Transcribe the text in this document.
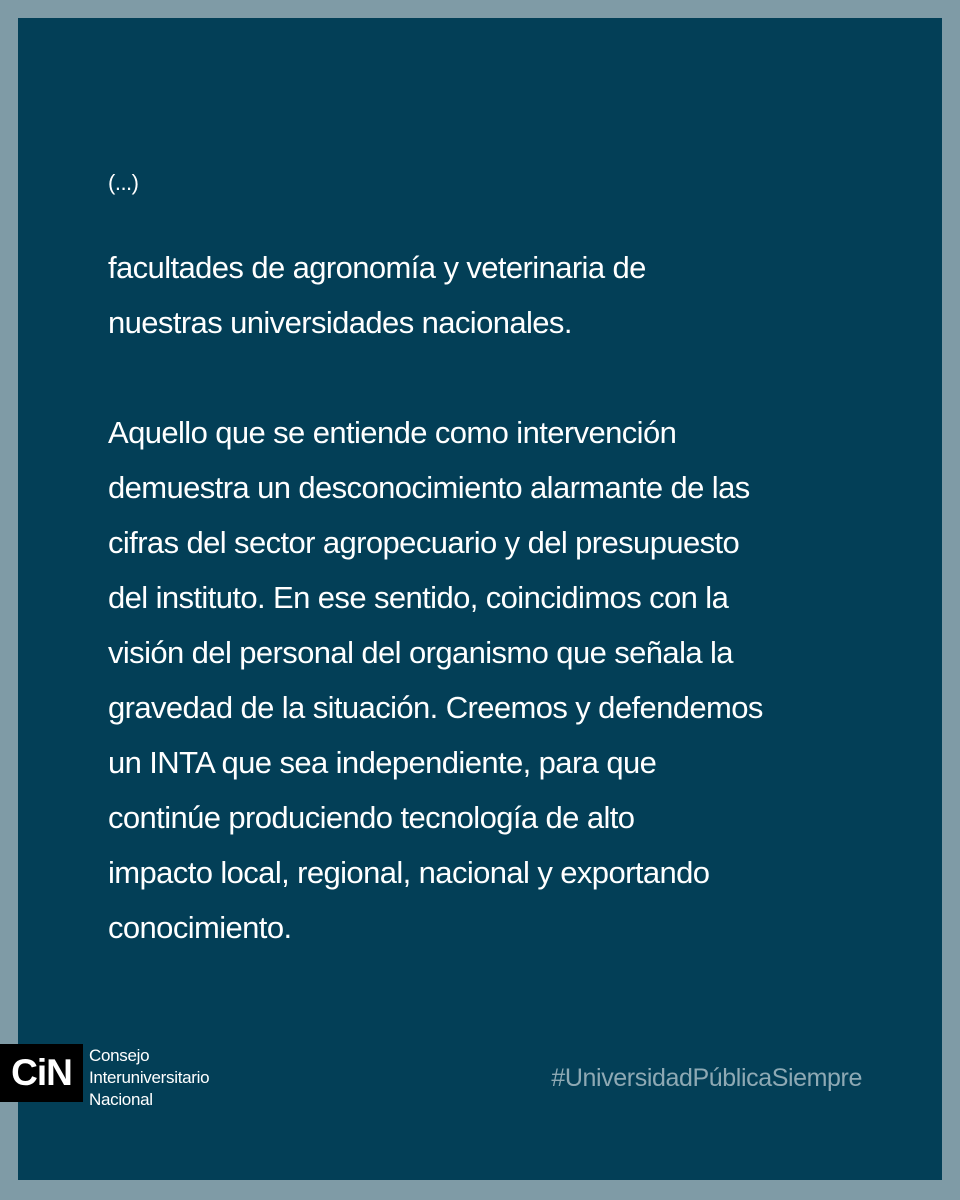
(...)

facultades de agronomía y veterinaria de
nuestras universidades nacionales.

Aquello que se entiende como intervención
demuestra un desconocimiento alarmante de las
cifras del sector agropecuario y del presupuesto
del instituto. En ese sentido, coincidimos con la
visión del personal del organismo que señala la
gravedad de la situación. Creemos y defendemos
un INTA que sea independiente, para que
continúe produciendo tecnología de alto
impacto local, regional, nacional y exportando
conocimiento.

CiN	Consejo
Interuniversitario
Nacional
#UniversidadPúblicaSiempre
